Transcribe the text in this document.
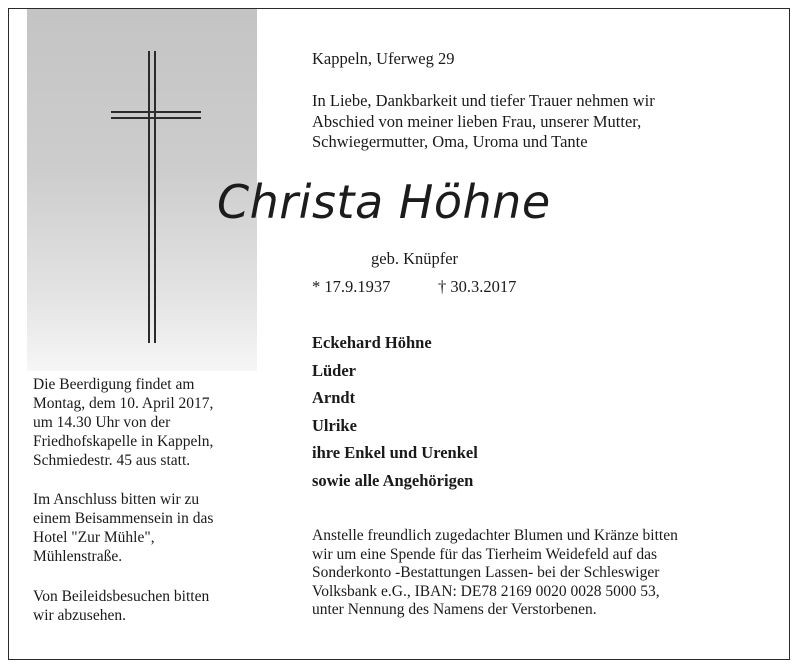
Die Beerdigung findet am
Montag, dem 10. April 2017,
um 14.30 Uhr von der
Friedhofskapelle in Kappeln,
Schmiedestr. 45 aus statt.
Im Anschluss bitten wir zu
einem Beisammensein in das
Hotel "Zur Mühle",
Mühlenstraße.
Von Beileidsbesuchen bitten
wir abzusehen.
Kappeln, Uferweg 29

In Liebe, Dankbarkeit und tiefer Trauer nehmen wir
Abschied von meiner lieben Frau, unserer Mutter,
Schwiegermutter, Oma, Uroma und Tante

Christa Höhne
geb. Knüpfer
* 17.9.1937	† 30.3.2017
Eckehard Höhne
Lüder
Arndt
Ulrike
ihre Enkel und Urenkel
sowie alle Angehörigen

Anstelle freundlich zugedachter Blumen und Kränze bitten
wir um eine Spende für das Tierheim Weidefeld auf das
Sonderkonto -Bestattungen Lassen- bei der Schleswiger
Volksbank e.G., IBAN: DE78 2169 0020 0028 5000 53,
unter Nennung des Namens der Verstorbenen.
